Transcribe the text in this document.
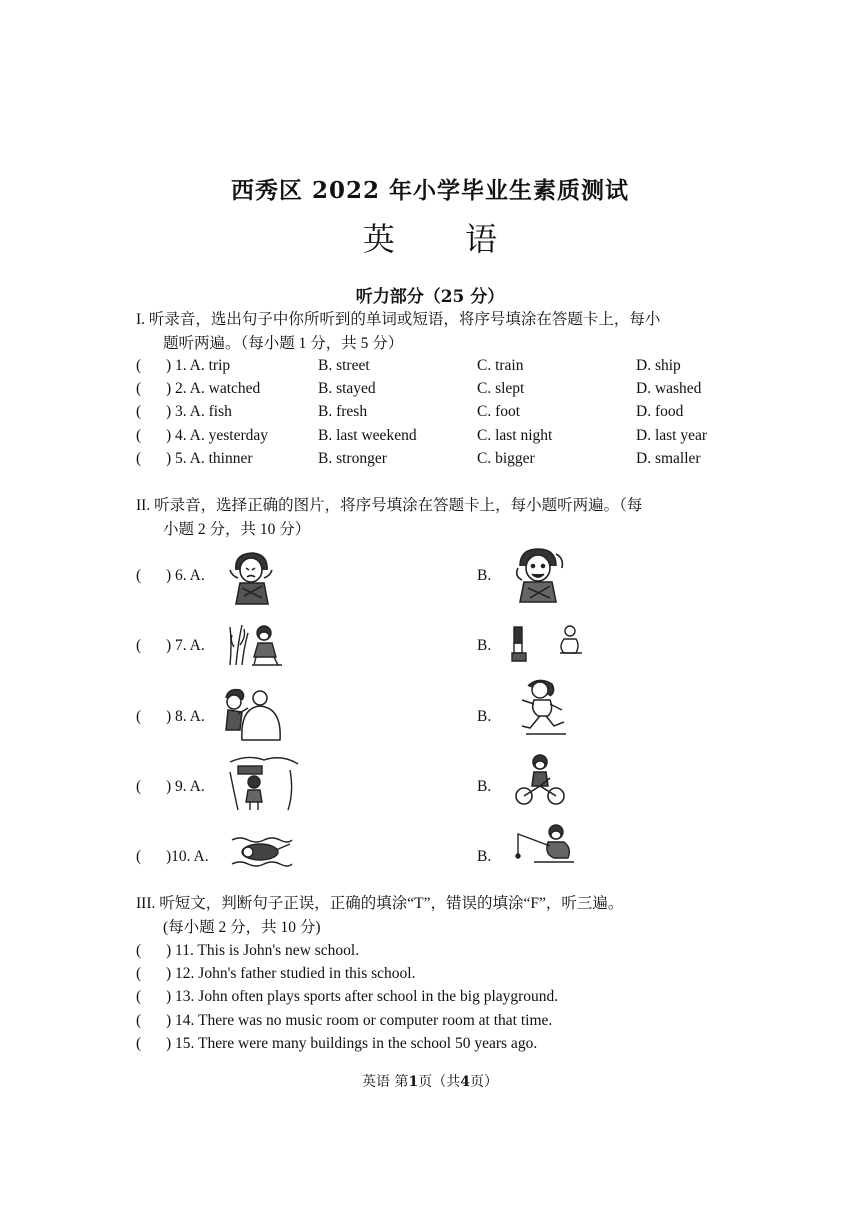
西秀区 2022 年小学毕业生素质测试
英 语
听力部分（25 分）
I. 听录音，选出句子中你所听到的单词或短语，将序号填涂在答题卡上，每小
题听两遍。（每小题 1 分，共 5 分）
( ) 1. A. trip	B. street	C. train	D. ship
( ) 2. A. watched	B. stayed	C. slept	D. washed
( ) 3. A. fish	B. fresh	C. foot	D. food
( ) 4. A. yesterday	B. last weekend	C. last night	D. last year
( ) 5. A. thinner	B. stronger	C. bigger	D. smaller
II. 听录音，选择正确的图片，将序号填涂在答题卡上，每小题听两遍。（每
小题 2 分，共 10 分）
( ) 6. A.	B.
( ) 7. A.	B.
( ) 8. A.	B.
( ) 9. A.	B.
( )10. A.	B.
III. 听短文，判断句子正误，正确的填涂“T”，错误的填涂“F”，听三遍。
(每小题 2 分，共 10 分)
( ) 11. This is John's new school.
( ) 12. John's father studied in this school.
( ) 13. John often plays sports after school in the big playground.
( ) 14. There was no music room or computer room at that time.
( ) 15. There were many buildings in the school 50 years ago.
英语 第1页（共4页）
